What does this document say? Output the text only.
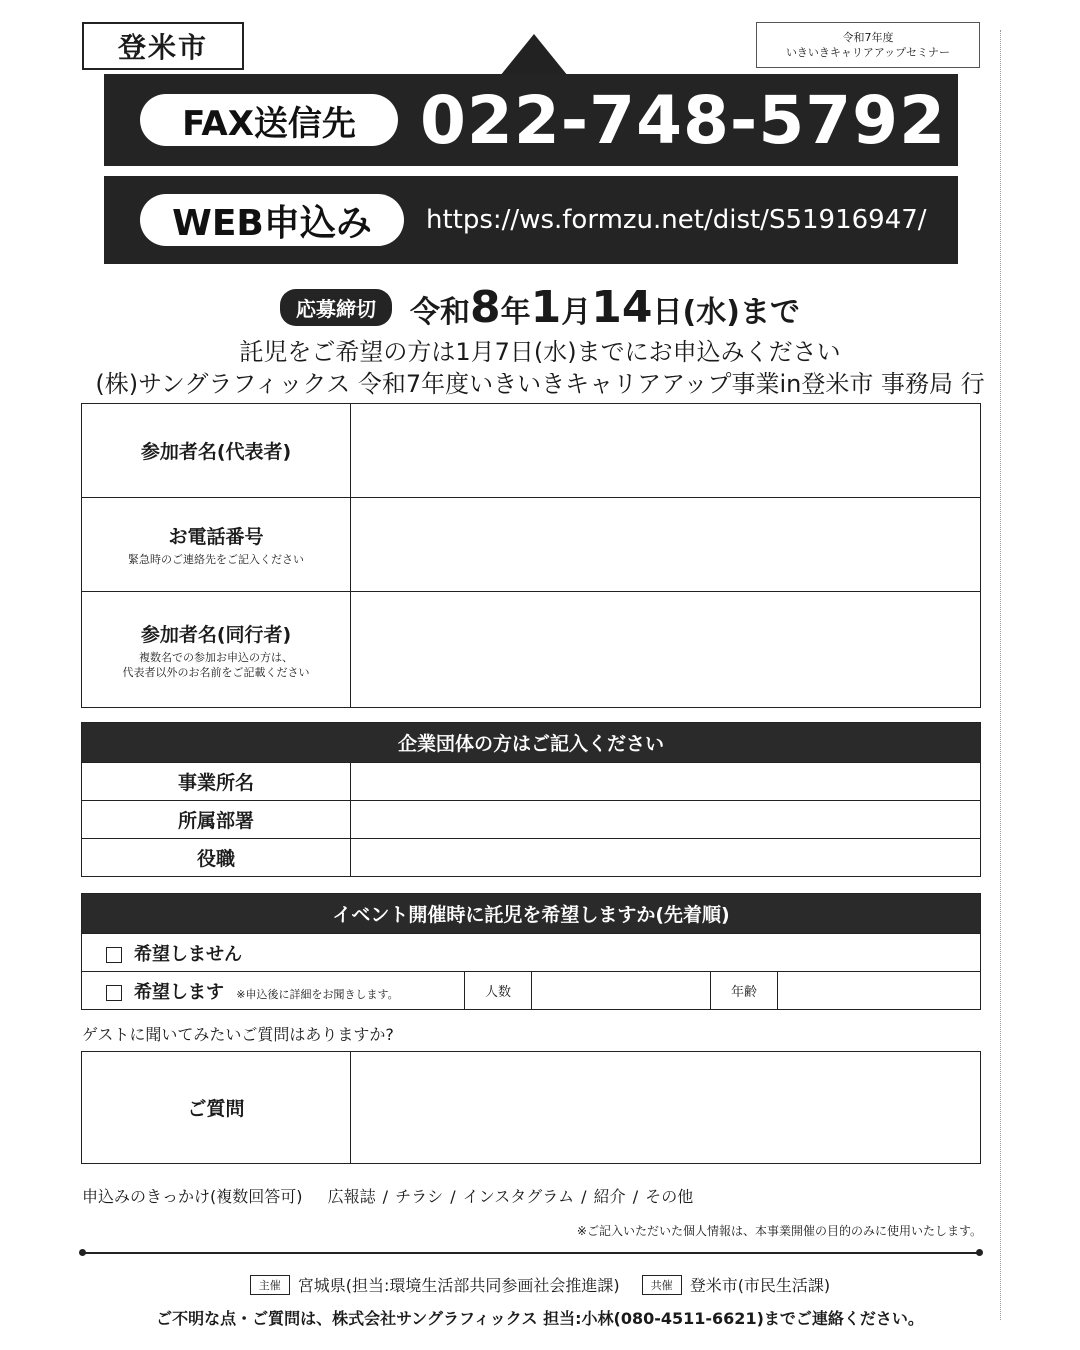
登米市	令和7年度
いきいきキャリアアップセミナー
FAX送信先 022-748-5792
WEB申込み	https://ws.formzu.net/dist/S51916947/
応募締切	令和8年1月14日(水)まで
託児をご希望の方は1月7日(水)までにお申込みください
(株)サングラフィックス 令和7年度いきいきキャリアアップ事業in登米市 事務局 行
参加者名(代表者)	

お電話番号
緊急時のご連絡先をご記入ください	

参加者名(同行者)
複数名での参加お申込の方は、
代表者以外のお名前をご記載ください	

企業団体の方はご記入ください	

事業所名	

所属部署	

役職	

イベント開催時に託児を希望しますか(先着順)
希望しません
希望します ※申込後に詳細をお聞きします。	人数		年齢	
ゲストに聞いてみたいご質問はありますか?
ご質問

申込みのきっかけ(複数回答可) 広報誌 / チラシ / インスタグラム / 紹介 / その他
※ご記入いただいた個人情報は、本事業開催の目的のみに使用いたします。
主催	宮城県(担当:環境生活部共同参画社会推進課)	共催	登米市(市民生活課)
ご不明な点・ご質問は、株式会社サングラフィックス 担当:小林(080-4511-6621)までご連絡ください。
